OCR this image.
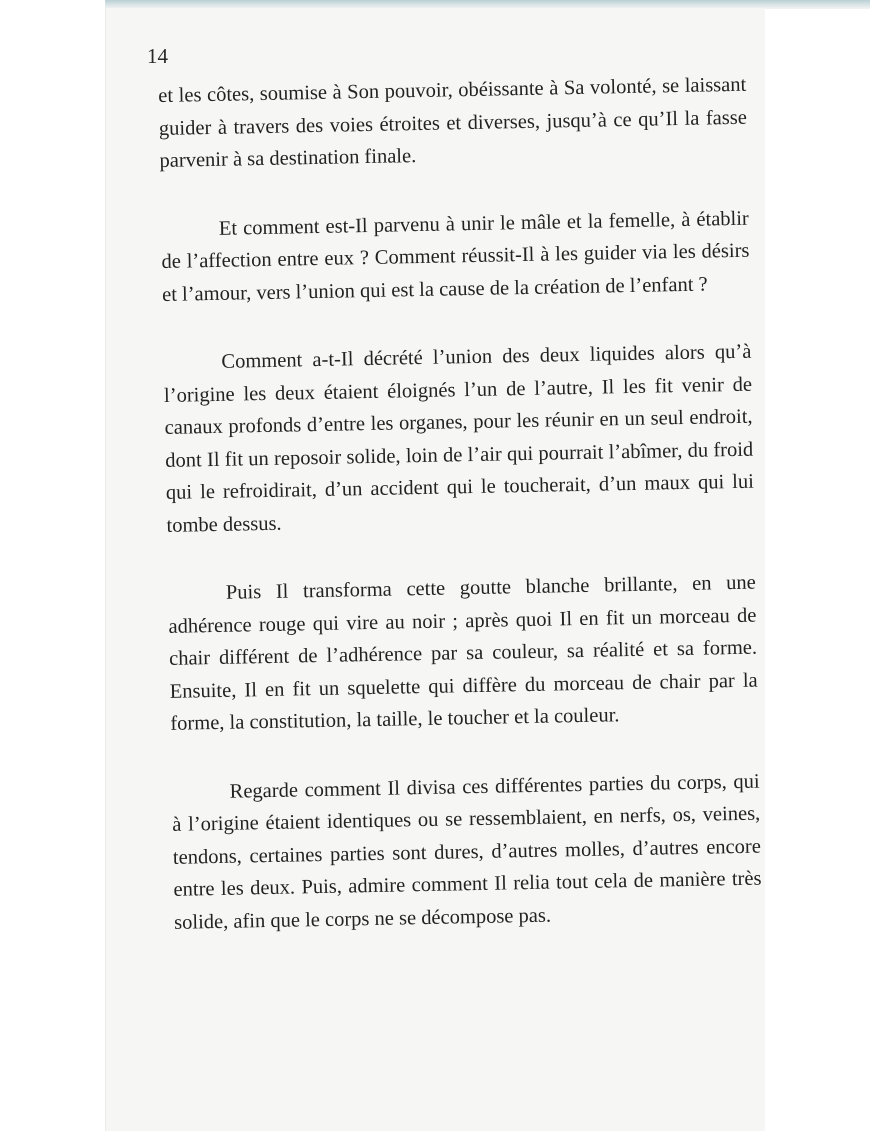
14

et les côtes, soumise à Son pouvoir, obéissante à Sa volonté, se laissant guider à travers des voies étroites et diverses, jusqu’à ce qu’Il la fasse parvenir à sa destination finale.

Et comment est-Il parvenu à unir le mâle et la femelle, à établir de l’affection entre eux ? Comment réussit-Il à les guider via les désirs et l’amour, vers l’union qui est la cause de la création de l’enfant ?

Comment a-t-Il décrété l’union des deux liquides alors qu’à l’origine les deux étaient éloignés l’un de l’autre, Il les fit venir de canaux profonds d’entre les organes, pour les réunir en un seul endroit, dont Il fit un reposoir solide, loin de l’air qui pourrait l’abîmer, du froid qui le refroidirait, d’un accident qui le toucherait, d’un maux qui lui tombe dessus.

Puis Il transforma cette goutte blanche brillante, en une adhérence rouge qui vire au noir ; après quoi Il en fit un morceau de chair différent de l’adhérence par sa couleur, sa réalité et sa forme. Ensuite, Il en fit un squelette qui diffère du morceau de chair par la forme, la constitution, la taille, le toucher et la couleur.

Regarde comment Il divisa ces différentes parties du corps, qui à l’origine étaient identiques ou se ressemblaient, en nerfs, os, veines, tendons, certaines parties sont dures, d’autres molles, d’autres encore entre les deux. Puis, admire comment Il relia tout cela de manière très solide, afin que le corps ne se décompose pas.
